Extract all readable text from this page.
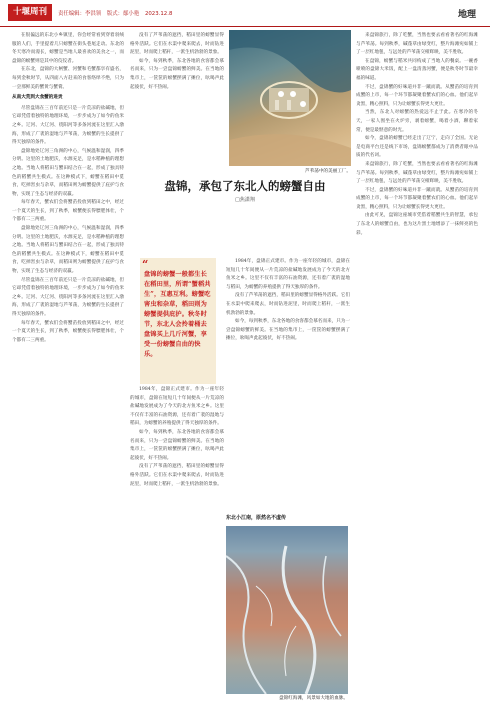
十堰周刊	责任编辑：李洪领 版式：鄢小艳 2023.12.8	地理

在很偏远的东北小乡镇里，你会经常看到穿着羽绒服的人们，手里提着几只螃蟹在街头巷尾走动。东北的冬天寒冷而漫长，螃蟹是当地人最喜欢的美食之一，而盘锦的螃蟹则是其中的佼佼者。

在东北，盘锦的大闸蟹、河蟹和毛蟹都享有盛名，每到金秋时节，从四面八方赶来的食客络绎不绝，只为一尝那鲜美的蟹黄与蟹膏。

从南大荒到大食蟹的进贡

尽管盘锦在三百年前还只是一片荒凉的盐碱地，但它却凭借着独特的地理环境，一步步成为了如今的鱼米之乡。辽河、大辽河、绕阳河等多条河流在这里汇入渤海，形成了广袤的湿地与芦苇荡，为螃蟹的生长提供了得天独厚的条件。

盘锦地处辽河三角洲的中心，气候温和湿润，四季分明。这里的土地肥沃，水源充足，是水稻种植的理想之地。当地人将稻田与蟹田结合在一起，形成了独具特色的稻蟹共生模式。在这种模式下，螃蟹在稻田中觅食，吃掉害虫与杂草，而稻田则为螃蟹提供了庇护与食物，实现了生态与经济的双赢。

每年春天，蟹农们会将蟹苗投放到稻田之中，经过一个夏天的生长，到了秋季，螃蟹便长得膘肥体壮，个个都有二三两重。

盘锦地处辽河三角洲的中心，气候温和湿润，四季分明。这里的土地肥沃，水源充足，是水稻种植的理想之地。当地人将稻田与蟹田结合在一起，形成了独具特色的稻蟹共生模式。在这种模式下，螃蟹在稻田中觅食，吃掉害虫与杂草，而稻田则为螃蟹提供了庇护与食物，实现了生态与经济的双赢。

尽管盘锦在三百年前还只是一片荒凉的盐碱地，但它却凭借着独特的地理环境，一步步成为了如今的鱼米之乡。辽河、大辽河、绕阳河等多条河流在这里汇入渤海，形成了广袤的湿地与芦苇荡，为螃蟹的生长提供了得天独厚的条件。

每年春天，蟹农们会将蟹苗投放到稻田之中，经过一个夏天的生长，到了秋季，螃蟹便长得膘肥体壮，个个都有二三两重。

没有了芦苇荡的遮挡，稻田里的螃蟹显得格外活跃。它们在水渠中爬来爬去，时而钻进泥里，时而爬上稻秆，一派生机勃勃的景象。

如今，每到秋季，东北各地的食客都会慕名而来，只为一尝盘锦螃蟹的鲜美。在当地的集市上，一筐筐的螃蟹摆满了摊位，吆喝声此起彼伏，好不热闹。

芦苇荡中的美丽工厂。
盘锦，承包了东北人的螃蟹自由
□焦潇翔
“ 盘锦的螃蟹一般都生长在稻田里，所谓“蟹稻共生”，互惠互利。螃蟹吃害虫和杂草，稻田则为螃蟹提供庇护。秋冬时节，东北人会拎着桶去盘锦买上几斤河蟹，享受一份螃蟹自由的快乐。

1984年，盘锦正式建市。作为一座年轻的城市，盘锦在短短几十年间便从一片荒凉的盐碱地发展成为了今天的北方鱼米之乡。这里不仅有丰富的石油资源，还有着广袤的湿地与稻田，为螃蟹的养殖提供了得天独厚的条件。

如今，每到秋季，东北各地的食客都会慕名而来，只为一尝盘锦螃蟹的鲜美。在当地的集市上，一筐筐的螃蟹摆满了摊位，吆喝声此起彼伏，好不热闹。

没有了芦苇荡的遮挡，稻田里的螃蟹显得格外活跃。它们在水渠中爬来爬去，时而钻进泥里，时而爬上稻秆，一派生机勃勃的景象。

1984年，盘锦正式建市。作为一座年轻的城市，盘锦在短短几十年间便从一片荒凉的盐碱地发展成为了今天的北方鱼米之乡。这里不仅有丰富的石油资源，还有着广袤的湿地与稻田，为螃蟹的养殖提供了得天独厚的条件。

没有了芦苇荡的遮挡，稻田里的螃蟹显得格外活跃。它们在水渠中爬来爬去，时而钻进泥里，时而爬上稻秆，一派生机勃勃的景象。

如今，每到秋季，东北各地的食客都会慕名而来，只为一尝盘锦螃蟹的鲜美。在当地的集市上，一筐筐的螃蟹摆满了摊位，吆喝声此起彼伏，好不热闹。

东北小江南，原然名不虚传
盘锦红海滩，风景如大地的血脉。

来盘锦旅行，除了吃蟹，当然也要去看看著名的红海滩与芦苇荡。每到秋季，碱蓬草由绿变红，整片海滩宛如铺上了一层红地毯，与远处的芦苇荡交相辉映，美不胜收。

在盘锦，螃蟹与稻米共同构成了当地人的餐桌。一碗香喷喷的盘锦大米饭，配上一盘清蒸河蟹，便是秋冬时节最幸福的味道。

不过，盘锦蟹的好味道并非一蹴而就。从蟹苗的培育到成蟹的上市，每一个环节都凝聚着蟹农们的心血。他们起早贪黑，精心照料，只为让螃蟹长得更大更壮。

当然，东北人对螃蟹的热爱远不止于此。在寒冷的冬天，一家人围坐在火炉旁，剥着螃蟹，喝着小酒，聊着家常，便是最惬意的时光。

如今，盘锦的螃蟹已经走出了辽宁，走向了全国。无论是电商平台还是线下市场，盘锦螃蟹都成为了消费者眼中品质的代名词。

来盘锦旅行，除了吃蟹，当然也要去看看著名的红海滩与芦苇荡。每到秋季，碱蓬草由绿变红，整片海滩宛如铺上了一层红地毯，与远处的芦苇荡交相辉映，美不胜收。

不过，盘锦蟹的好味道并非一蹴而就。从蟹苗的培育到成蟹的上市，每一个环节都凝聚着蟹农们的心血。他们起早贪黑，精心照料，只为让螃蟹长得更大更壮。

由此可见，盘锦这座城市凭借着稻蟹共生的智慧，承包了东北人的螃蟹自由，也为这片黑土地增添了一抹鲜亮的色彩。
